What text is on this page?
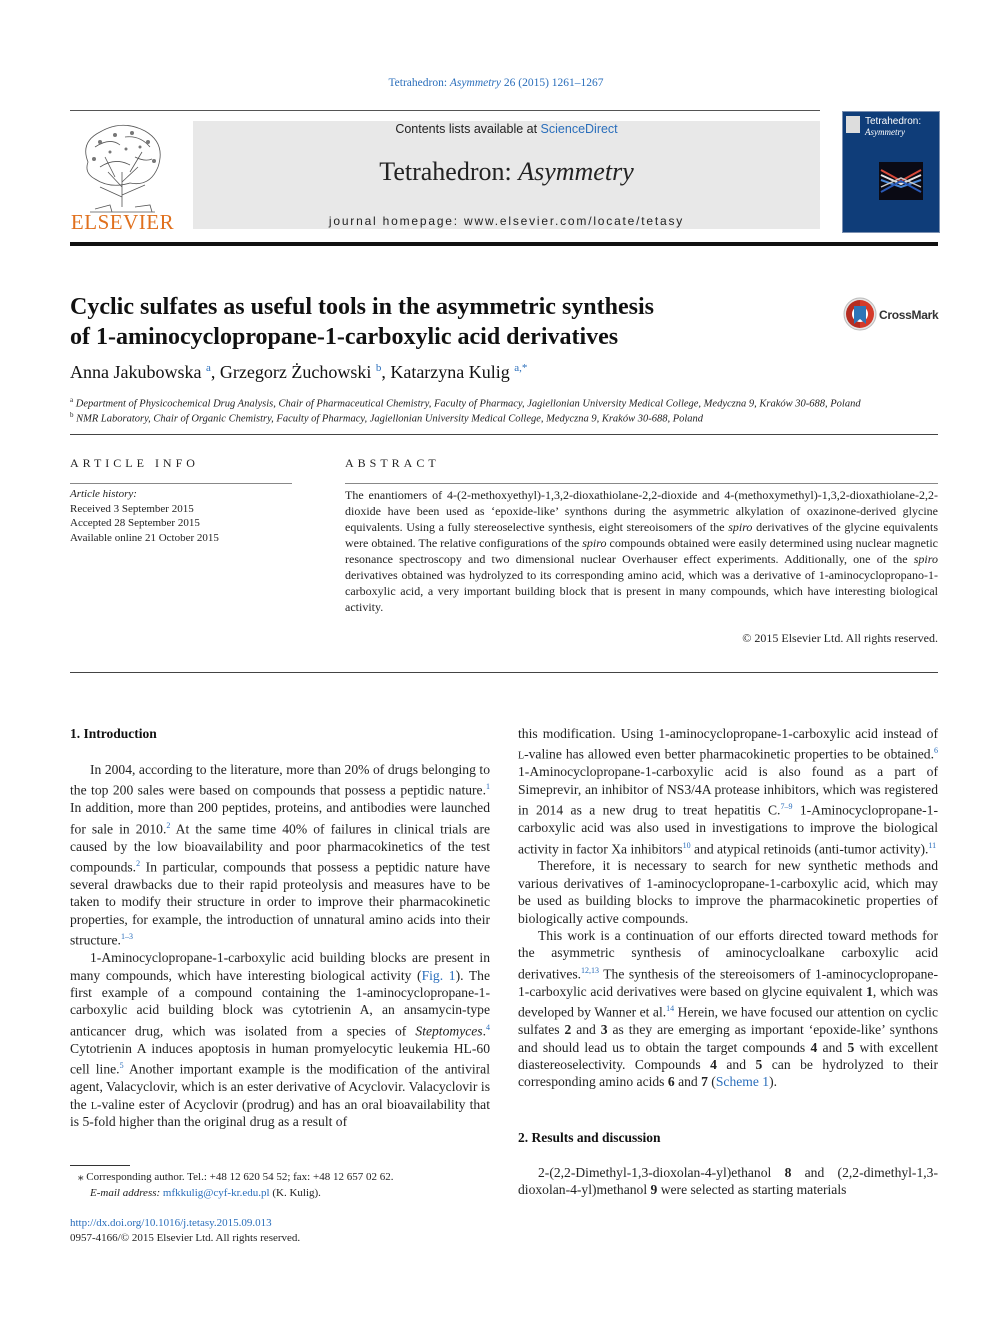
Tetrahedron: Asymmetry 26 (2015) 1261–1267
ELSEVIER
Contents lists available at ScienceDirect
Tetrahedron: Asymmetry
journal homepage: www.elsevier.com/locate/tetasy
Tetrahedron:
Asymmetry
Cyclic sulfates as useful tools in the asymmetric synthesis
of 1-aminocyclopropane-1-carboxylic acid derivatives
CrossMark
Anna Jakubowska $^a$, Grzegorz Żuchowski $^b$, Katarzyna Kulig $^{a,*}$
$^a$ Department of Physicochemical Drug Analysis, Chair of Pharmaceutical Chemistry, Faculty of Pharmacy, Jagiellonian University Medical College, Medyczna 9, Kraków 30-688, Poland
$^b$ NMR Laboratory, Chair of Organic Chemistry, Faculty of Pharmacy, Jagiellonian University Medical College, Medyczna 9, Kraków 30-688, Poland
ARTICLE INFO
Article history:
Received 3 September 2015
Accepted 28 September 2015
Available online 21 October 2015
ABSTRACT
The enantiomers of 4-(2-methoxyethyl)-1,3,2-dioxathiolane-2,2-dioxide and 4-(methoxymethyl)-1,3,2-dioxathiolane-2,2-dioxide have been used as ‘epoxide-like’ synthons during the asymmetric alkylation of oxazinone-derived glycine equivalents. Using a fully stereoselective synthesis, eight stereoisomers of the spiro derivatives of the glycine equivalents were obtained. The relative configurations of the spiro compounds obtained were easily determined using nuclear magnetic resonance spectroscopy and two dimensional nuclear Overhauser effect experiments. Additionally, one of the spiro derivatives obtained was hydrolyzed to its corresponding amino acid, which was a derivative of 1-aminocyclopropano-1-carboxylic acid, a very important building block that is present in many compounds, which have interesting biological activity.
© 2015 Elsevier Ltd. All rights reserved.
1. Introduction

In 2004, according to the literature, more than 20% of drugs belonging to the top 200 sales were based on compounds that possess a peptidic nature.$^1$ In addition, more than 200 peptides, proteins, and antibodies were launched for sale in 2010.$^2$ At the same time 40% of failures in clinical trials are caused by the low bioavailability and poor pharmacokinetics of the test compounds.$^2$ In particular, compounds that possess a peptidic nature have several drawbacks due to their rapid proteolysis and measures have to be taken to modify their structure in order to improve their pharmacokinetic properties, for example, the introduction of unnatural amino acids into their structure.$^{1-3}$

1-Aminocyclopropane-1-carboxylic acid building blocks are present in many compounds, which have interesting biological activity (Fig. 1). The first example of a compound containing the 1-aminocyclopropane-1-carboxylic acid building block was cytotrienin A, an ansamycin-type anticancer drug, which was isolated from a species of Steptomyces.$^4$ Cytotrienin A induces apoptosis in human promyelocytic leukemia HL-60 cell line.$^5$ Another important example is the modification of the antiviral agent, Valacyclovir, which is an ester derivative of Acyclovir. Valacyclovir is the l-valine ester of Acyclovir (prodrug) and has an oral bioavailability that is 5-fold higher than the original drug as a result of

this modification. Using 1-aminocyclopropane-1-carboxylic acid instead of l-valine has allowed even better pharmacokinetic properties to be obtained.$^6$ 1-Aminocyclopropane-1-carboxylic acid is also found as a part of Simeprevir, an inhibitor of NS3/4A protease inhibitors, which was registered in 2014 as a new drug to treat hepatitis C.$^{7-9}$ 1-Aminocyclopropane-1-carboxylic acid was also used in investigations to improve the biological activity in factor Xa inhibitors$^{10}$ and atypical retinoids (anti-tumor activity).$^{11}$

Therefore, it is necessary to search for new synthetic methods and various derivatives of 1-aminocyclopropane-1-carboxylic acid, which may be used as building blocks to improve the pharmacokinetic properties of biologically active compounds.

This work is a continuation of our efforts directed toward methods for the asymmetric synthesis of aminocycloalkane carboxylic acid derivatives.$^{12,13}$ The synthesis of the stereoisomers of 1-aminocyclopropane-1-carboxylic acid derivatives were based on glycine equivalent 1, which was developed by Wanner et al.$^{14}$ Herein, we have focused our attention on cyclic sulfates 2 and 3 as they are emerging as important ‘epoxide-like’ synthons and should lead us to obtain the target compounds 4 and 5 with excellent diastereoselectivity. Compounds 4 and 5 can be hydrolyzed to their corresponding amino acids 6 and 7 (Scheme 1).

2. Results and discussion

2-(2,2-Dimethyl-1,3-dioxolan-4-yl)ethanol 8 and (2,2-dimethyl-1,3-dioxolan-4-yl)methanol 9 were selected as starting materials

⁎ Corresponding author. Tel.: +48 12 620 54 52; fax: +48 12 657 02 62.
E-mail address: mfkkulig@cyf-kr.edu.pl (K. Kulig).
http://dx.doi.org/10.1016/j.tetasy.2015.09.013
0957-4166/© 2015 Elsevier Ltd. All rights reserved.
